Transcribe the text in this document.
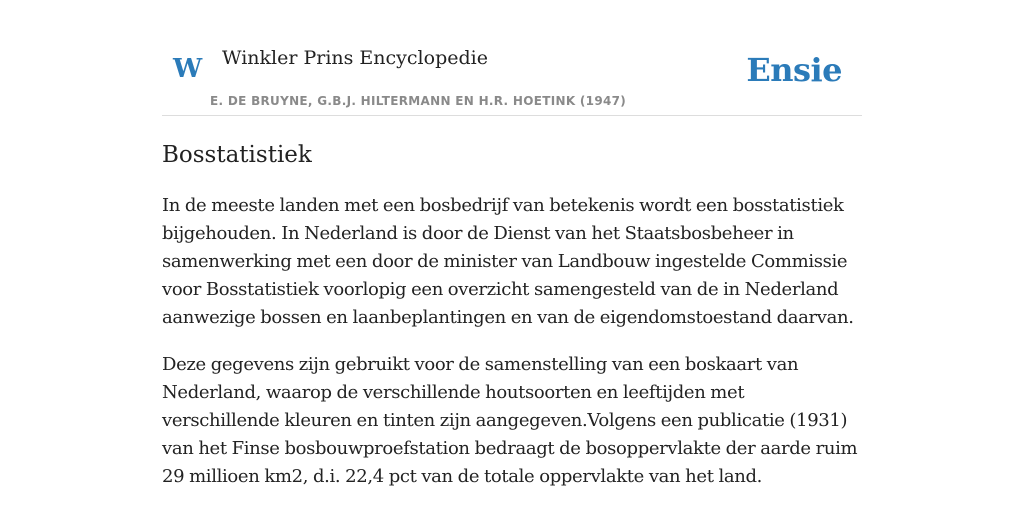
W Winkler Prins Encyclopedie
E. DE BRUYNE, G.B.J. HILTERMANN EN H.R. HOETINK (1947)
Ensie
Bosstatistiek

In de meeste landen met een bosbedrijf van betekenis wordt een bosstatistiek bijgehouden. In Nederland is door de Dienst van het Staatsbosbeheer in samenwerking met een door de minister van Landbouw ingestelde Commissie voor Bosstatistiek voorlopig een overzicht samengesteld van de in Nederland aanwezige bossen en laanbeplantingen en van de eigendomstoestand daarvan.

Deze gegevens zijn gebruikt voor de samenstelling van een boskaart van Nederland, waarop de verschillende houtsoorten en leeftijden met verschillende kleuren en tinten zijn aangegeven.Volgens een publicatie (1931) van het Finse bosbouwproefstation bedraagt de bosoppervlakte der aarde ruim 29 millioen km2, d.i. 22,4 pct van de totale oppervlakte van het land.
